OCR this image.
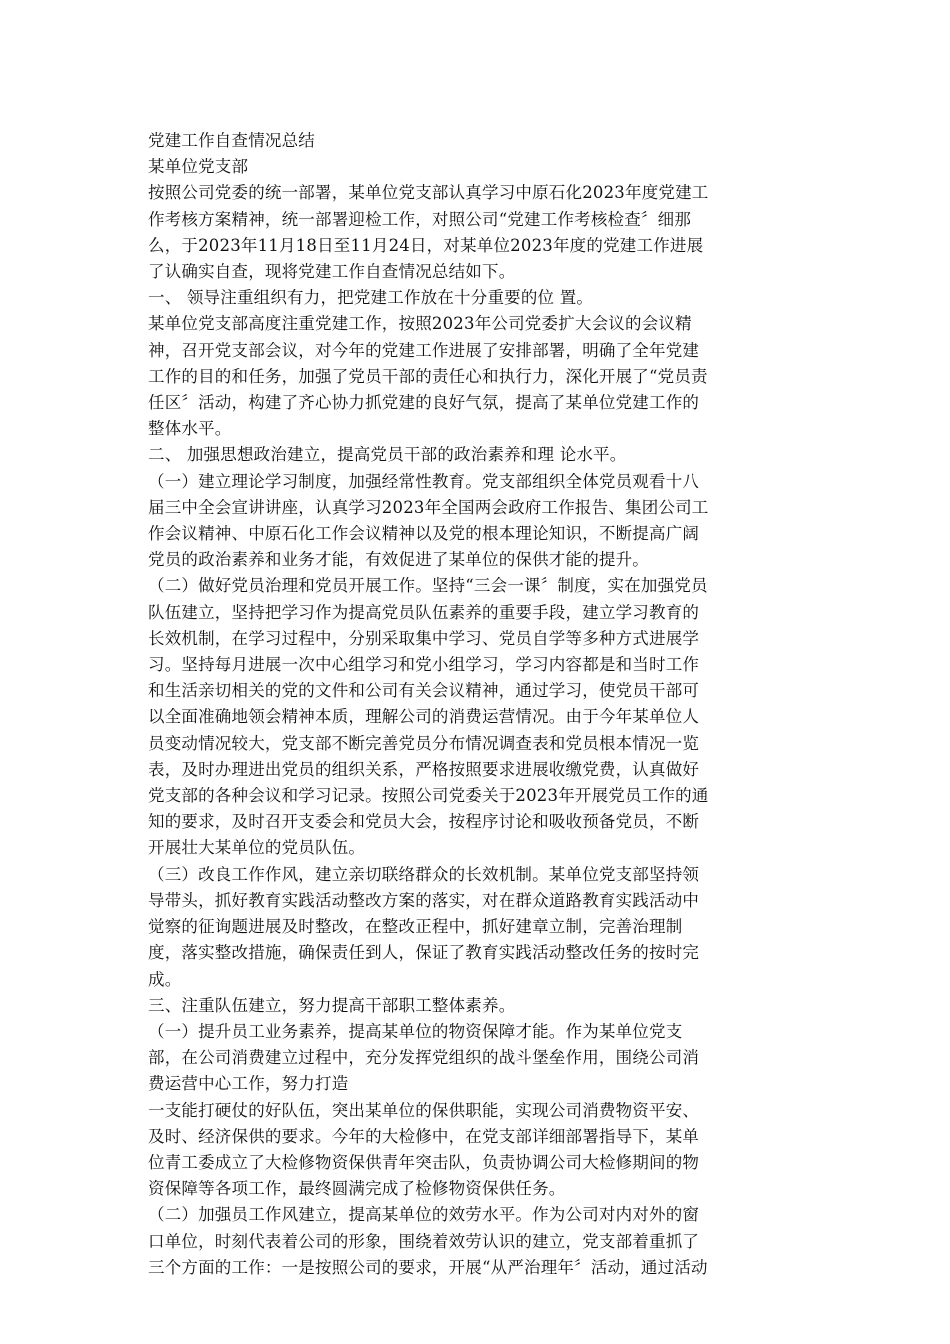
党建工作自查情况总结
某单位党支部
按照公司党委的统一部署，某单位党支部认真学习中原石化2023年度党建工
作考核方案精神，统一部署迎检工作，对照公司“党建工作考核检查〞细那
么，于2023年11月18日至11月24日，对某单位2023年度的党建工作进展
了认确实自查，现将党建工作自查情况总结如下。
一、 领导注重组织有力，把党建工作放在十分重要的位 置。
某单位党支部高度注重党建工作，按照2023年公司党委扩大会议的会议精
神，召开党支部会议，对今年的党建工作进展了安排部署，明确了全年党建
工作的目的和任务，加强了党员干部的责任心和执行力，深化开展了“党员责
任区〞活动，构建了齐心协力抓党建的良好气氛，提高了某单位党建工作的
整体水平。
二、 加强思想政治建立，提高党员干部的政治素养和理 论水平。
（一）建立理论学习制度，加强经常性教育。党支部组织全体党员观看十八
届三中全会宣讲讲座，认真学习2023年全国两会政府工作报告、集团公司工
作会议精神、中原石化工作会议精神以及党的根本理论知识，不断提高广阔
党员的政治素养和业务才能，有效促进了某单位的保供才能的提升。
（二）做好党员治理和党员开展工作。坚持“三会一课〞制度，实在加强党员
队伍建立，坚持把学习作为提高党员队伍素养的重要手段，建立学习教育的
长效机制，在学习过程中，分别采取集中学习、党员自学等多种方式进展学
习。坚持每月进展一次中心组学习和党小组学习，学习内容都是和当时工作
和生活亲切相关的党的文件和公司有关会议精神，通过学习，使党员干部可
以全面准确地领会精神本质，理解公司的消费运营情况。由于今年某单位人
员变动情况较大，党支部不断完善党员分布情况调查表和党员根本情况一览
表，及时办理进出党员的组织关系，严格按照要求进展收缴党费，认真做好
党支部的各种会议和学习记录。按照公司党委关于2023年开展党员工作的通
知的要求，及时召开支委会和党员大会，按程序讨论和吸收预备党员，不断
开展壮大某单位的党员队伍。
（三）改良工作作风，建立亲切联络群众的长效机制。某单位党支部坚持领
导带头，抓好教育实践活动整改方案的落实，对在群众道路教育实践活动中
觉察的征询题进展及时整改，在整改正程中，抓好建章立制，完善治理制
度，落实整改措施，确保责任到人，保证了教育实践活动整改任务的按时完
成。
三、注重队伍建立，努力提高干部职工整体素养。
（一）提升员工业务素养，提高某单位的物资保障才能。作为某单位党支
部，在公司消费建立过程中，充分发挥党组织的战斗堡垒作用，围绕公司消
费运营中心工作，努力打造
一支能打硬仗的好队伍，突出某单位的保供职能，实现公司消费物资平安、
及时、经济保供的要求。今年的大检修中，在党支部详细部署指导下，某单
位青工委成立了大检修物资保供青年突击队，负责协调公司大检修期间的物
资保障等各项工作，最终圆满完成了检修物资保供任务。
（二）加强员工作风建立，提高某单位的效劳水平。作为公司对内对外的窗
口单位，时刻代表着公司的形象，围绕着效劳认识的建立，党支部着重抓了
三个方面的工作：一是按照公司的要求，开展“从严治理年〞活动，通过活动
